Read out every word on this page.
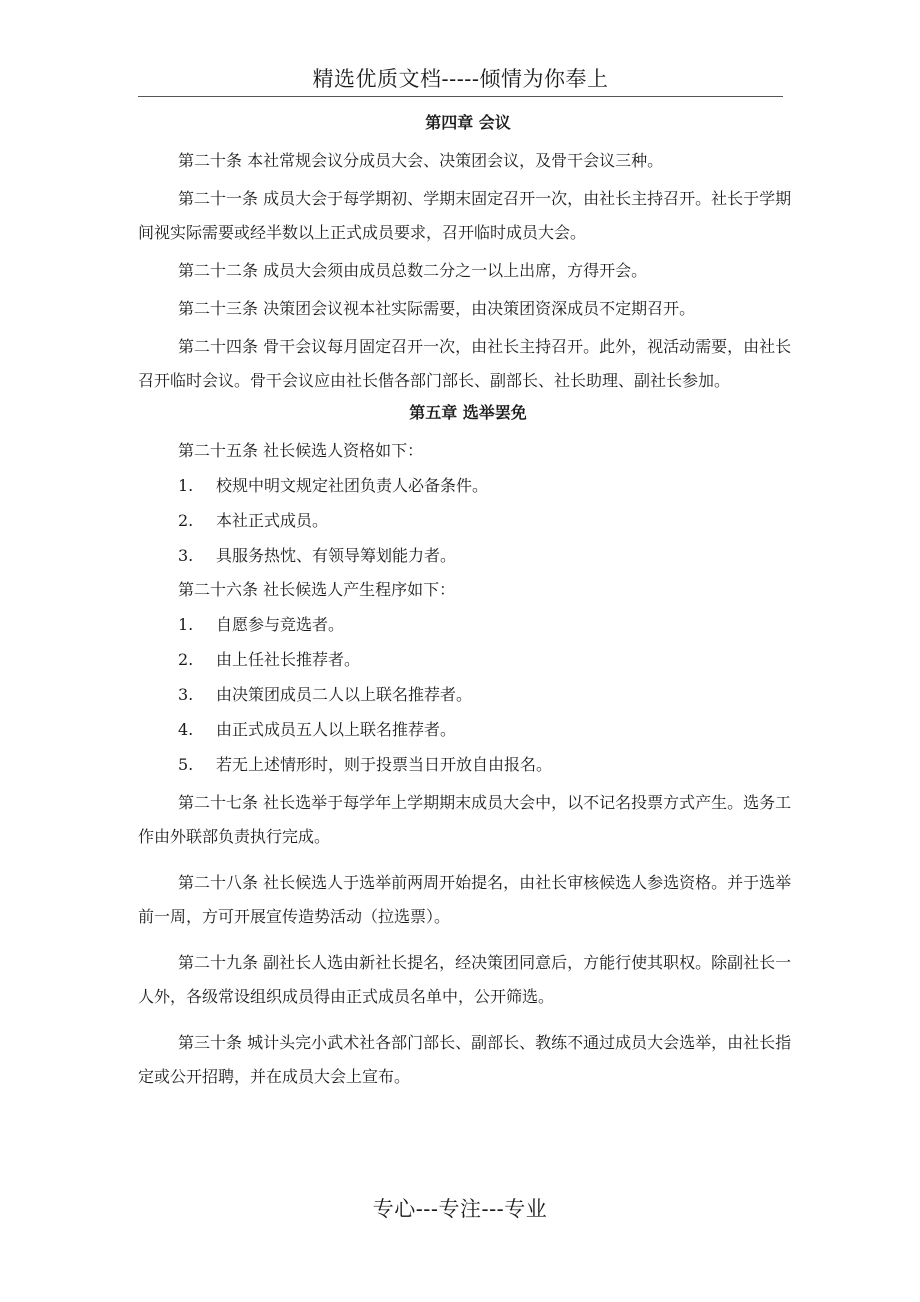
精选优质文档-----倾情为你奉上
第四章 会议

第二十条 本社常规会议分成员大会、决策团会议，及骨干会议三种。

第二十一条 成员大会于每学期初、学期末固定召开一次，由社长主持召开。社长于学期间视实际需要或经半数以上正式成员要求，召开临时成员大会。

第二十二条 成员大会须由成员总数二分之一以上出席，方得开会。

第二十三条 决策团会议视本社实际需要，由决策团资深成员不定期召开。

第二十四条 骨干会议每月固定召开一次，由社长主持召开。此外，视活动需要，由社长召开临时会议。骨干会议应由社长偕各部门部长、副部长、社长助理、副社长参加。

第五章 选举罢免

第二十五条 社长候选人资格如下：

1. 校规中明文规定社团负责人必备条件。
2. 本社正式成员。
3. 具服务热忱、有领导筹划能力者。

第二十六条 社长候选人产生程序如下：

1. 自愿参与竞选者。
2. 由上任社长推荐者。
3. 由决策团成员二人以上联名推荐者。
4. 由正式成员五人以上联名推荐者。
5. 若无上述情形时，则于投票当日开放自由报名。

第二十七条 社长选举于每学年上学期期末成员大会中，以不记名投票方式产生。选务工作由外联部负责执行完成。

第二十八条 社长候选人于选举前两周开始提名，由社长审核候选人参选资格。并于选举前一周，方可开展宣传造势活动（拉选票）。

第二十九条 副社长人选由新社长提名，经决策团同意后，方能行使其职权。除副社长一人外，各级常设组织成员得由正式成员名单中，公开筛选。

第三十条 城计头完小武术社各部门部长、副部长、教练不通过成员大会选举，由社长指定或公开招聘，并在成员大会上宣布。

专心---专注---专业
